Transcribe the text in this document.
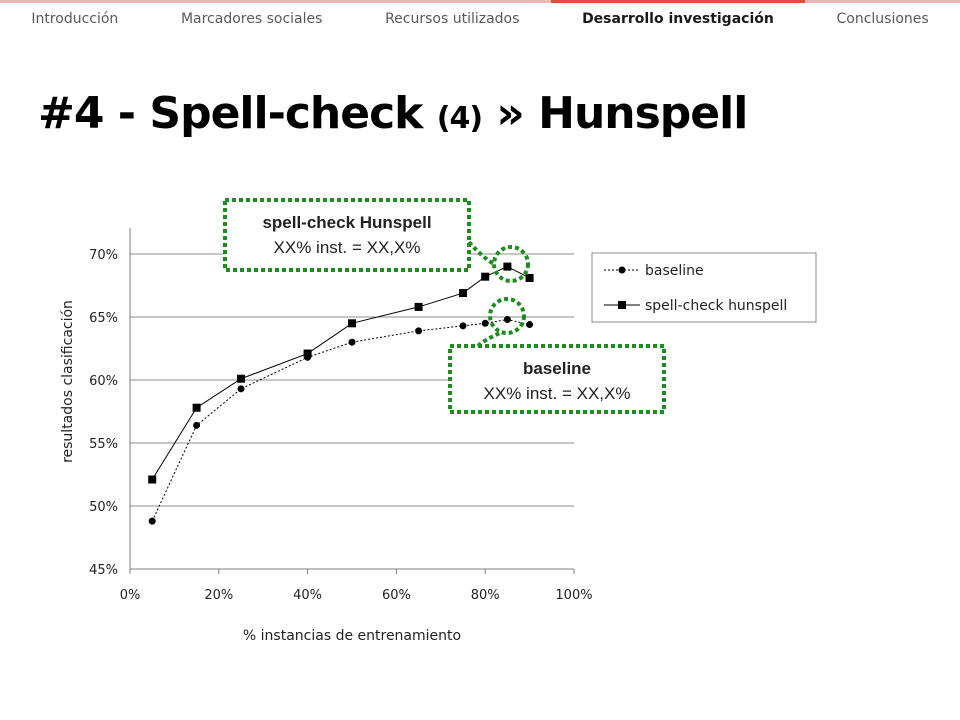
Introducción	Marcadores sociales	Recursos utilizados	Desarrollo investigación	Conclusiones
#4 - Spell-check (4) » Hunspell
45%
50%
55%
60%
65%
70%
0%	20%	40%	60%	80%	100%
% instancias de entrenamiento
resultados clasificación
baseline
spell-check hunspell
spell-check Hunspell
XX% inst. = XX,X%
baseline
XX% inst. = XX,X%
